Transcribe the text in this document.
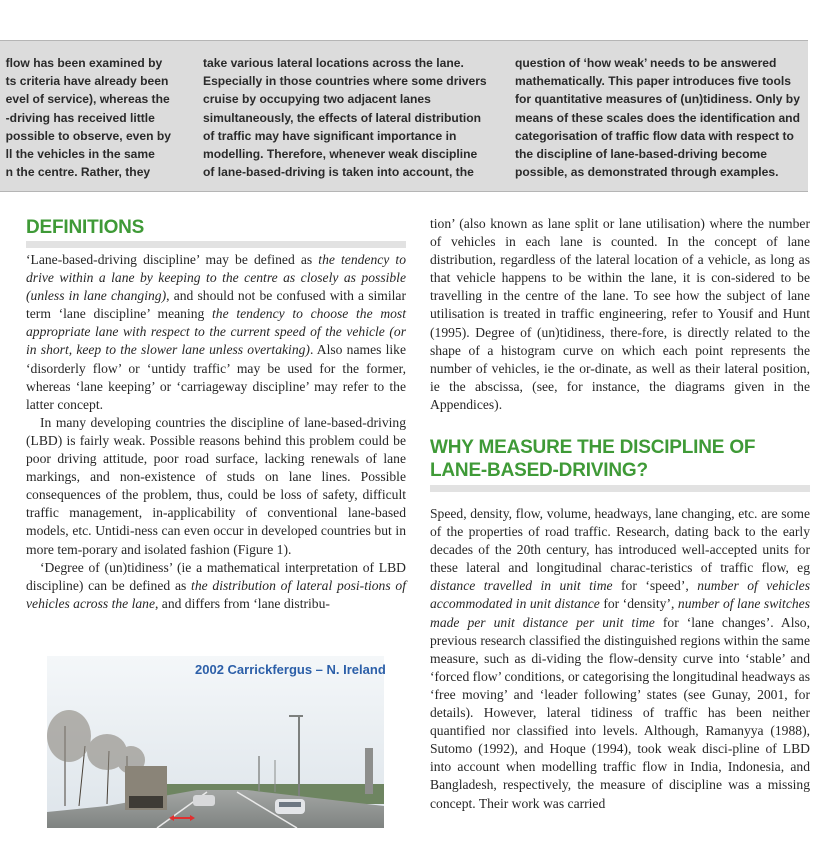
flow has been examined by
ts criteria have already been
evel of service), whereas the
-driving has received little
possible to observe, even by
ll the vehicles in the same
n the centre. Rather, they
take various lateral locations across the lane.
Especially in those countries where some drivers
cruise by occupying two adjacent lanes
simultaneously, the effects of lateral distribution
of traffic may have significant importance in
modelling. Therefore, whenever weak discipline
of lane-based-driving is taken into account, the
question of ‘how weak’ needs to be answered
mathematically. This paper introduces five tools
for quantitative measures of (un)tidiness. Only by
means of these scales does the identification and
categorisation of traffic flow data with respect to
the discipline of lane-based-driving become
possible, as demonstrated through examples.
DEFINITIONS

‘Lane-based-driving discipline’ may be defined as the tendency to drive within a lane by keeping to the centre as closely as possible (unless in lane changing), and should not be confused with a similar term ‘lane discipline’ meaning the tendency to choose the most appropriate lane with respect to the current speed of the vehicle (or in short, keep to the slower lane unless overtaking). Also names like ‘disorderly flow’ or ‘untidy traffic’ may be used for the former, whereas ‘lane keeping’ or ‘carriageway discipline’ may refer to the latter concept.

In many developing countries the discipline of lane-based-driving (LBD) is fairly weak. Possible reasons behind this problem could be poor driving attitude, poor road surface, lacking renewals of lane markings, and non-existence of studs on lane lines. Possible consequences of the problem, thus, could be loss of safety, difficult traffic management, in-applicability of conventional lane-based models, etc. Untidi-ness can even occur in developed countries but in more tem-porary and isolated fashion (Figure 1).

‘Degree of (un)tidiness’ (ie a mathematical interpretation of LBD discipline) can be defined as the distribution of lateral posi-tions of vehicles across the lane, and differs from ‘lane distribu-

2002 Carrickfergus – N. Ireland

tion’ (also known as lane split or lane utilisation) where the number of vehicles in each lane is counted. In the concept of lane distribution, regardless of the lateral location of a vehicle, as long as that vehicle happens to be within the lane, it is con-sidered to be travelling in the centre of the lane. To see how the subject of lane utilisation is treated in traffic engineering, refer to Yousif and Hunt (1995). Degree of (un)tidiness, there-fore, is directly related to the shape of a histogram curve on which each point represents the number of vehicles, ie the or-dinate, as well as their lateral position, ie the abscissa, (see, for instance, the diagrams given in the Appendices).

WHY MEASURE THE DISCIPLINE OF
LANE-BASED-DRIVING?

Speed, density, flow, volume, headways, lane changing, etc. are some of the properties of road traffic. Research, dating back to the early decades of the 20th century, has introduced well-accepted units for these lateral and longitudinal charac-teristics of traffic flow, eg distance travelled in unit time for ‘speed’, number of vehicles accommodated in unit distance for ‘density’, number of lane switches made per unit distance per unit time for ‘lane changes’. Also, previous research classified the distinguished regions within the same measure, such as di-viding the flow-density curve into ‘stable’ and ‘forced flow’ conditions, or categorising the longitudinal headways as ‘free moving’ and ‘leader following’ states (see Gunay, 2001, for details). However, lateral tidiness of traffic has been neither quantified nor classified into levels. Although, Ramanyya (1988), Sutomo (1992), and Hoque (1994), took weak disci-pline of LBD into account when modelling traffic flow in India, Indonesia, and Bangladesh, respectively, the measure of discipline was a missing concept. Their work was carried
